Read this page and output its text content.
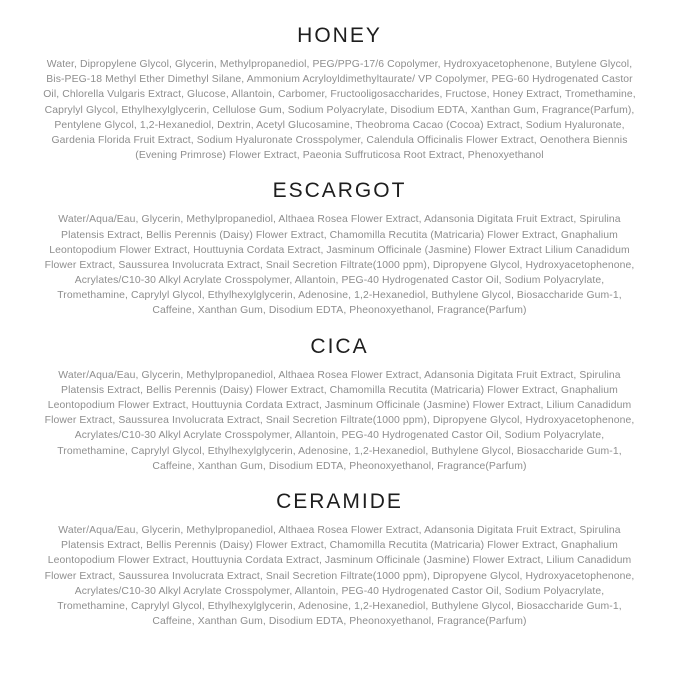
HONEY

Water, Dipropylene Glycol, Glycerin, Methylpropanediol, PEG/PPG-17/6 Copolymer, Hydroxyacetophenone, Butylene Glycol, Bis-PEG-18 Methyl Ether Dimethyl Silane, Ammonium Acryloyldimethyltaurate/ VP Copolymer, PEG-60 Hydrogenated Castor Oil, Chlorella Vulgaris Extract, Glucose, Allantoin, Carbomer, Fructooligosaccharides, Fructose, Honey Extract, Tromethamine, Caprylyl Glycol, Ethylhexylglycerin, Cellulose Gum, Sodium Polyacrylate, Disodium EDTA, Xanthan Gum, Fragrance(Parfum), Pentylene Glycol, 1,2-Hexanediol, Dextrin, Acetyl Glucosamine, Theobroma Cacao (Cocoa) Extract, Sodium Hyaluronate, Gardenia Florida Fruit Extract, Sodium Hyaluronate Crosspolymer, Calendula Officinalis Flower Extract, Oenothera Biennis (Evening Primrose) Flower Extract, Paeonia Suffruticosa Root Extract, Phenoxyethanol

ESCARGOT

Water/Aqua/Eau, Glycerin, Methylpropanediol, Althaea Rosea Flower Extract, Adansonia Digitata Fruit Extract, Spirulina Platensis Extract, Bellis Perennis (Daisy) Flower Extract, Chamomilla Recutita (Matricaria) Flower Extract, Gnaphalium Leontopodium Flower Extract, Houttuynia Cordata Extract, Jasminum Officinale (Jasmine) Flower Extract Lilium Canadidum Flower Extract, Saussurea Involucrata Extract, Snail Secretion Filtrate(1000 ppm), Dipropyene Glycol, Hydroxyacetophenone, Acrylates/C10-30 Alkyl Acrylate Crosspolymer, Allantoin, PEG-40 Hydrogenated Castor Oil, Sodium Polyacrylate, Tromethamine, Caprylyl Glycol, Ethylhexylglycerin, Adenosine, 1,2-Hexanediol, Buthylene Glycol, Biosaccharide Gum-1, Caffeine, Xanthan Gum, Disodium EDTA, Pheonoxyethanol, Fragrance(Parfum)

CICA

Water/Aqua/Eau, Glycerin, Methylpropanediol, Althaea Rosea Flower Extract, Adansonia Digitata Fruit Extract, Spirulina Platensis Extract, Bellis Perennis (Daisy) Flower Extract, Chamomilla Recutita (Matricaria) Flower Extract, Gnaphalium Leontopodium Flower Extract, Houttuynia Cordata Extract, Jasminum Officinale (Jasmine) Flower Extract, Lilium Canadidum Flower Extract, Saussurea Involucrata Extract, Snail Secretion Filtrate(1000 ppm), Dipropyene Glycol, Hydroxyacetophenone, Acrylates/C10-30 Alkyl Acrylate Crosspolymer, Allantoin, PEG-40 Hydrogenated Castor Oil, Sodium Polyacrylate, Tromethamine, Caprylyl Glycol, Ethylhexylglycerin, Adenosine, 1,2-Hexanediol, Buthylene Glycol, Biosaccharide Gum-1, Caffeine, Xanthan Gum, Disodium EDTA, Pheonoxyethanol, Fragrance(Parfum)

CERAMIDE

Water/Aqua/Eau, Glycerin, Methylpropanediol, Althaea Rosea Flower Extract, Adansonia Digitata Fruit Extract, Spirulina Platensis Extract, Bellis Perennis (Daisy) Flower Extract, Chamomilla Recutita (Matricaria) Flower Extract, Gnaphalium Leontopodium Flower Extract, Houttuynia Cordata Extract, Jasminum Officinale (Jasmine) Flower Extract, Lilium Canadidum Flower Extract, Saussurea Involucrata Extract, Snail Secretion Filtrate(1000 ppm), Dipropyene Glycol, Hydroxyacetophenone, Acrylates/C10-30 Alkyl Acrylate Crosspolymer, Allantoin, PEG-40 Hydrogenated Castor Oil, Sodium Polyacrylate, Tromethamine, Caprylyl Glycol, Ethylhexylglycerin, Adenosine, 1,2-Hexanediol, Buthylene Glycol, Biosaccharide Gum-1, Caffeine, Xanthan Gum, Disodium EDTA, Pheonoxyethanol, Fragrance(Parfum)
